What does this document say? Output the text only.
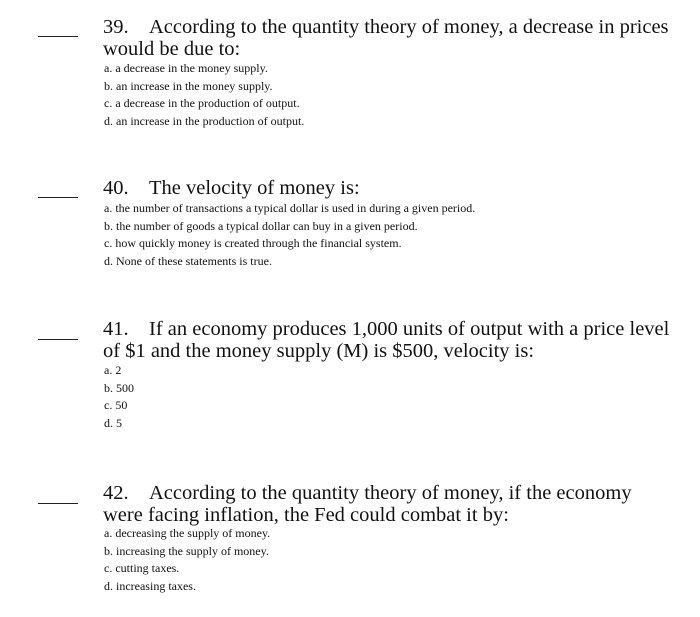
39. According to the quantity theory of money, a decrease in prices would be due to:

a. a decrease in the money supply.
b. an increase in the money supply.
c. a decrease in the production of output.
d. an increase in the production of output.

40. The velocity of money is:

a. the number of transactions a typical dollar is used in during a given period.
b. the number of goods a typical dollar can buy in a given period.
c. how quickly money is created through the financial system.
d. None of these statements is true.

41. If an economy produces 1,000 units of output with a price level of $1 and the money supply (M) is $500, velocity is:

a. 2
b. 500
c. 50
d. 5

42. According to the quantity theory of money, if the economy were facing inflation, the Fed could combat it by:

a. decreasing the supply of money.
b. increasing the supply of money.
c. cutting taxes.
d. increasing taxes.
